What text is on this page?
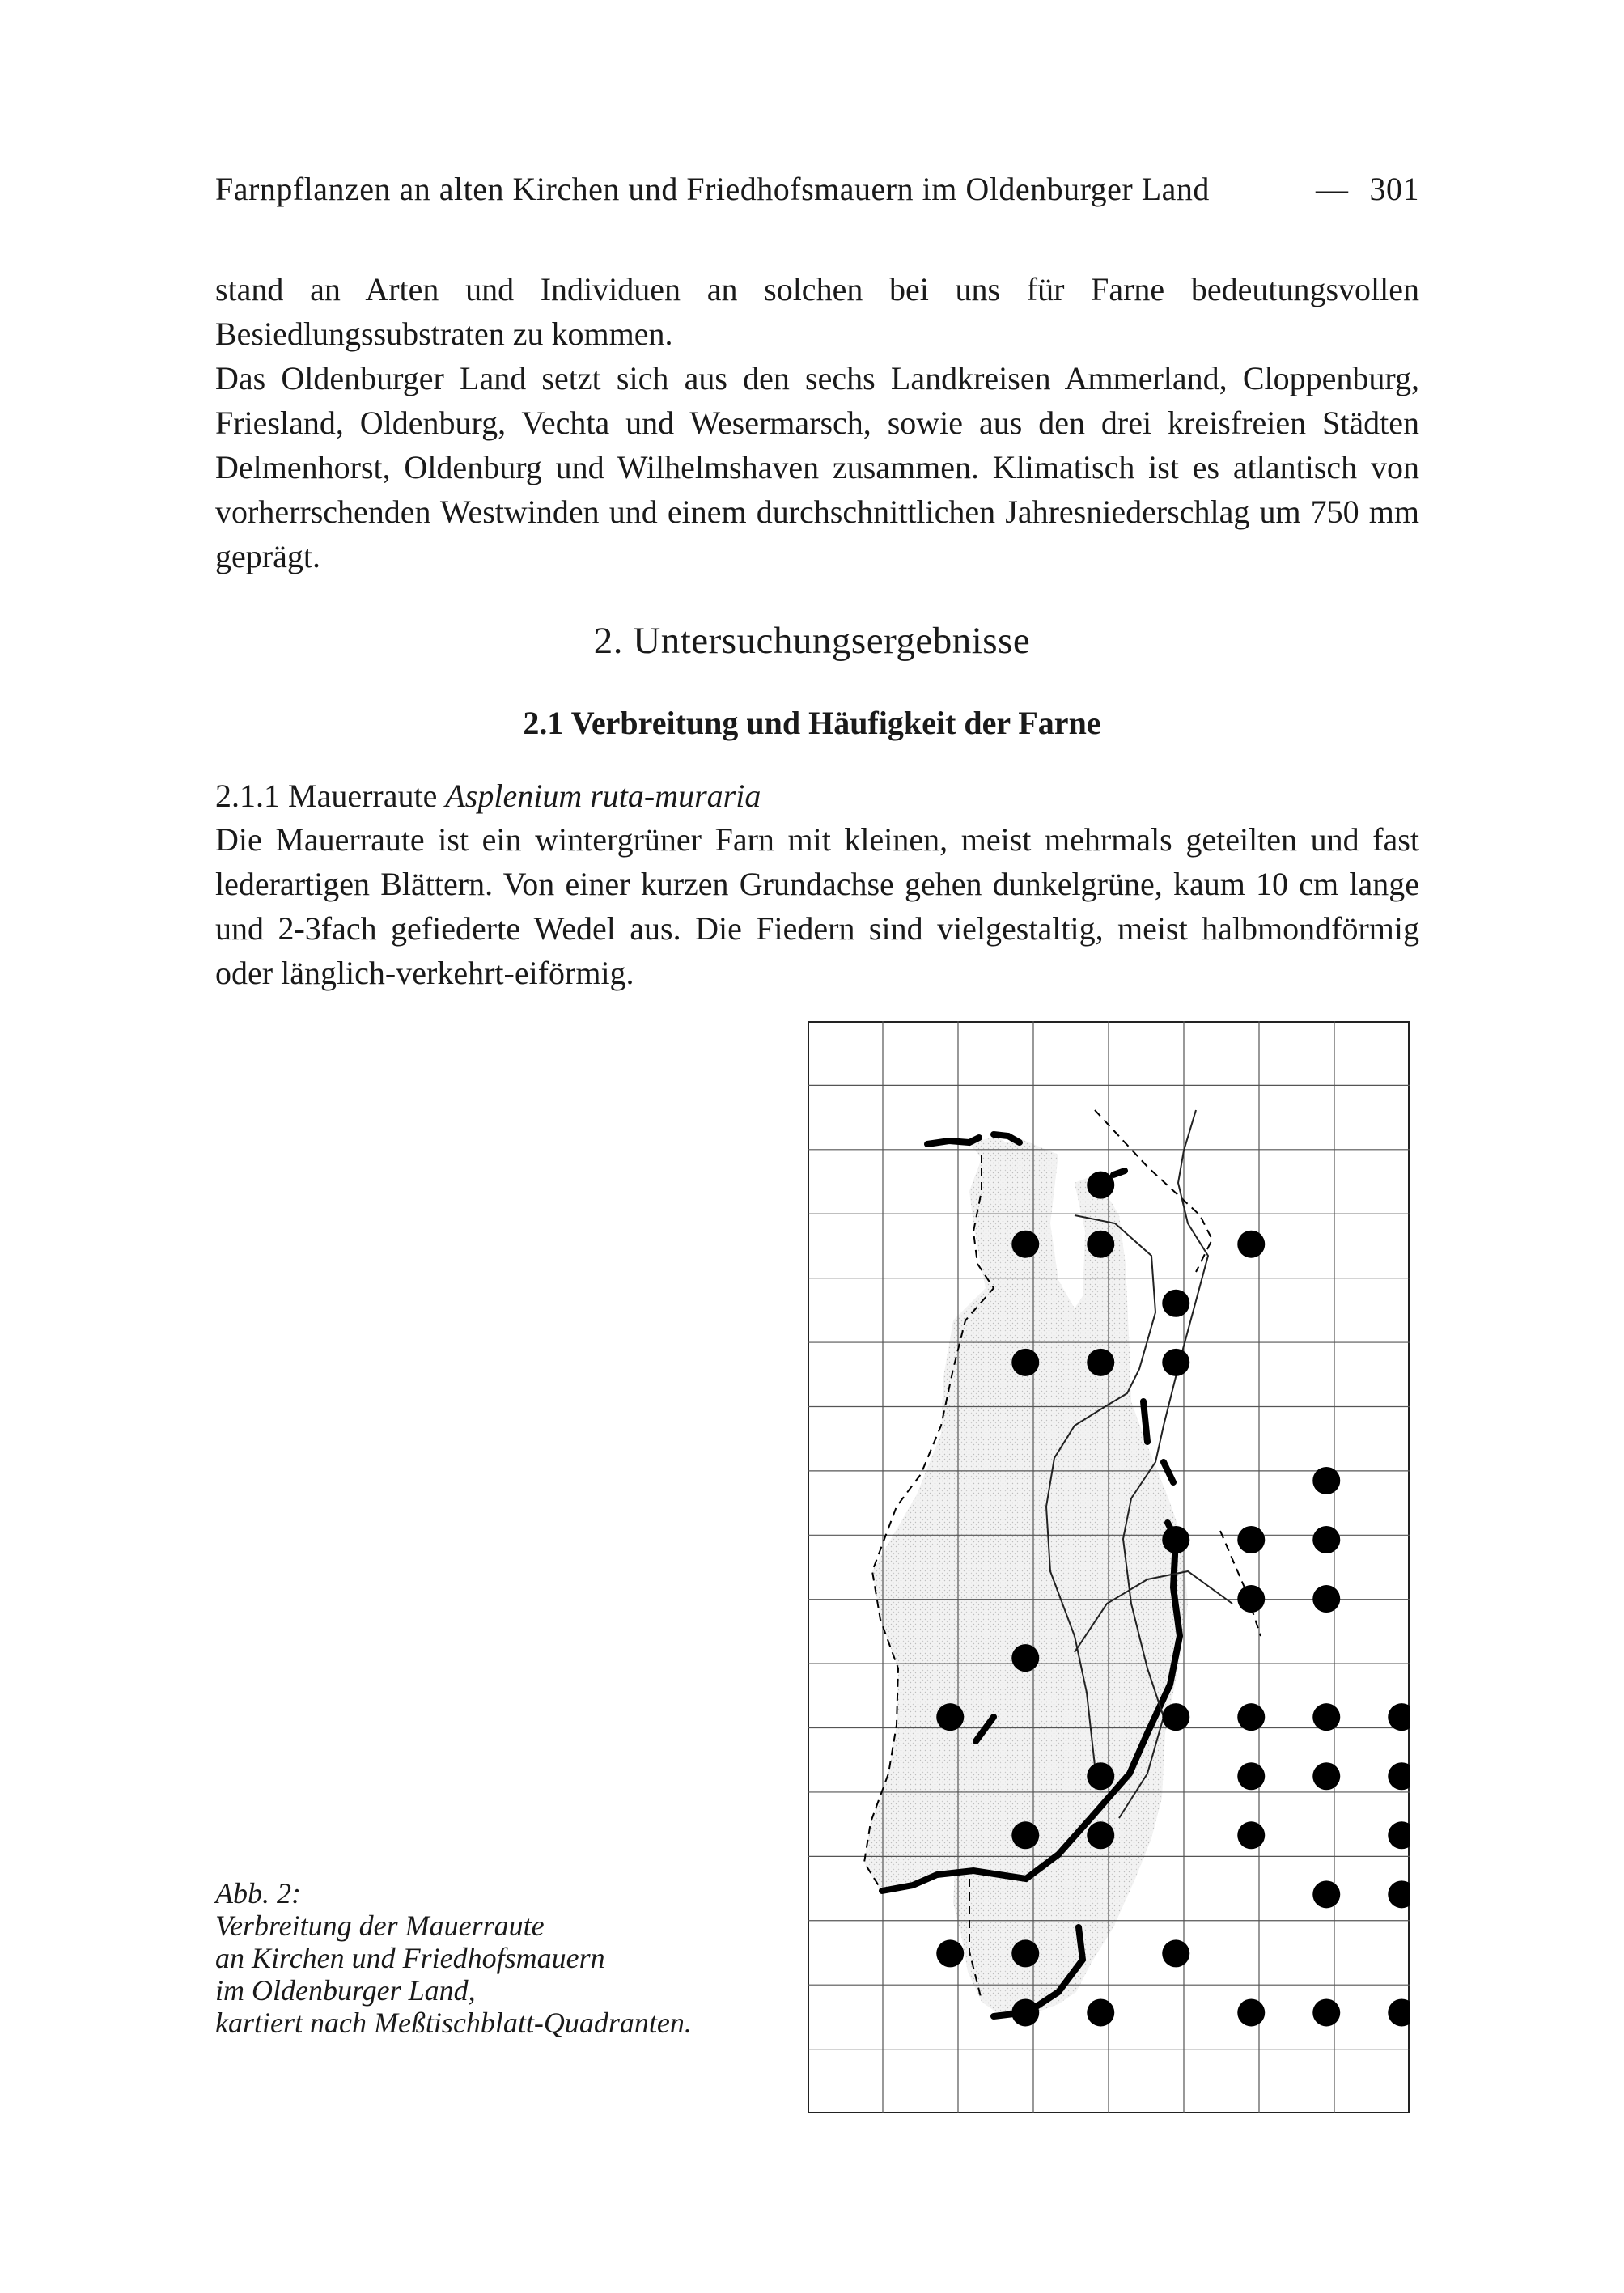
Farnpflanzen an alten Kirchen und Friedhofsmauern im Oldenburger Land	— 301

stand an Arten und Individuen an solchen bei uns für Farne bedeutungsvollen Besiedlungssubstraten zu kommen.

Das Oldenburger Land setzt sich aus den sechs Landkreisen Ammerland, Cloppenburg, Friesland, Oldenburg, Vechta und Wesermarsch, sowie aus den drei kreisfreien Städten Delmenhorst, Oldenburg und Wilhelmshaven zusammen. Klimatisch ist es atlantisch von vorherrschenden Westwinden und einem durchschnittlichen Jahresniederschlag um 750 mm geprägt.

2. Untersuchungsergebnisse
2.1 Verbreitung und Häufigkeit der Farne

2.1.1 Mauerraute Asplenium ruta-muraria

Die Mauerraute ist ein wintergrüner Farn mit kleinen, meist mehrmals geteilten und fast lederartigen Blättern. Von einer kurzen Grundachse gehen dunkelgrüne, kaum 10 cm lange und 2-3fach gefiederte Wedel aus. Die Fiedern sind vielgestaltig, meist halbmondförmig oder länglich-verkehrt-eiförmig.

Abb. 2:
Verbreitung der Mauerraute
an Kirchen und Friedhofsmauern
im Oldenburger Land,
kartiert nach Meßtischblatt-Quadranten.
